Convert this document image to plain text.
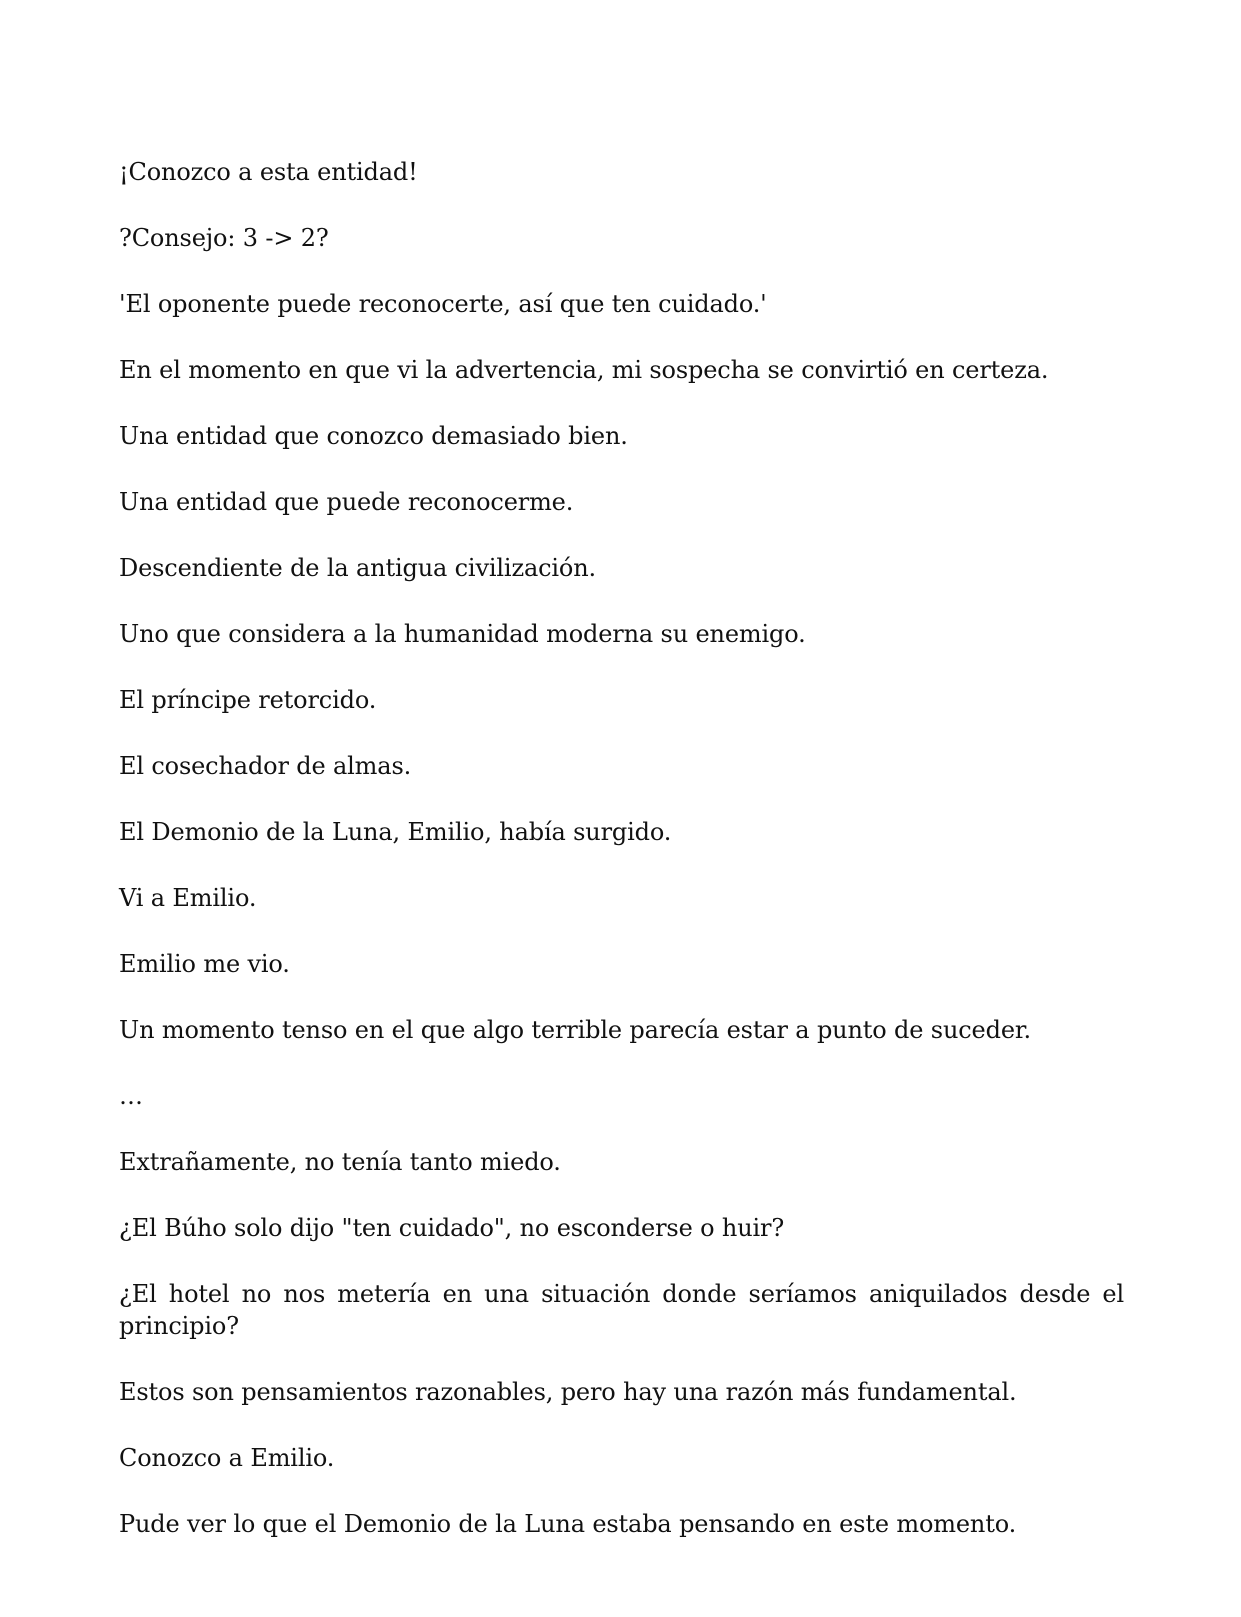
¡Conozco a esta entidad!

?Consejo: 3 -> 2?

'El oponente puede reconocerte, así que ten cuidado.'

En el momento en que vi la advertencia, mi sospecha se convirtió en certeza.

Una entidad que conozco demasiado bien.

Una entidad que puede reconocerme.

Descendiente de la antigua civilización.

Uno que considera a la humanidad moderna su enemigo.

El príncipe retorcido.

El cosechador de almas.

El Demonio de la Luna, Emilio, había surgido.

Vi a Emilio.

Emilio me vio.

Un momento tenso en el que algo terrible parecía estar a punto de suceder.

…

Extrañamente, no tenía tanto miedo.

¿El Búho solo dijo "ten cuidado", no esconderse o huir?

¿El hotel no nos metería en una situación donde seríamos aniquilados desde el principio?

Estos son pensamientos razonables, pero hay una razón más fundamental.

Conozco a Emilio.

Pude ver lo que el Demonio de la Luna estaba pensando en este momento.
